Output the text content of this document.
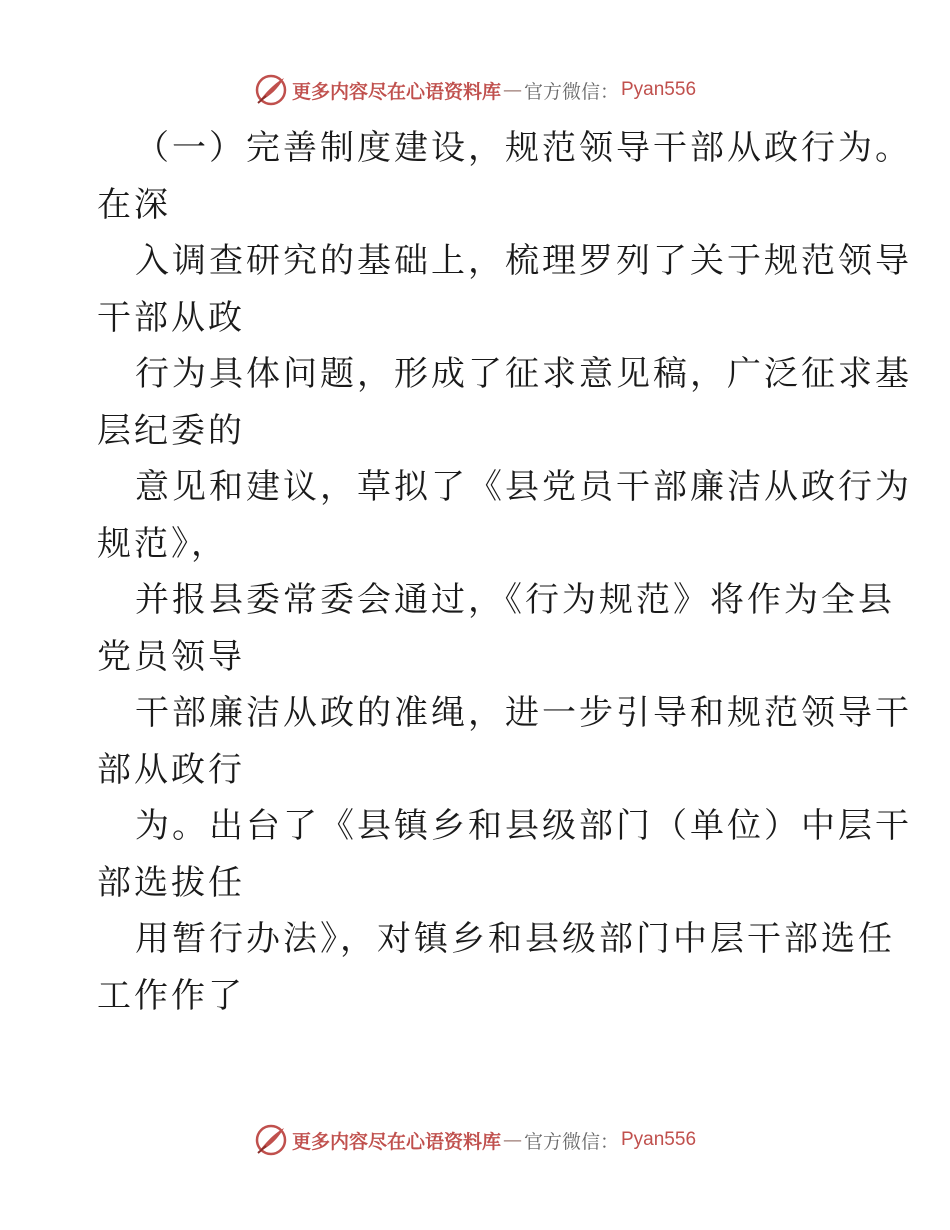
更多内容尽在心语资料库 — 官方微信： Pyan556
（一）完善制度建设，规范领导干部从政行为。
在深
入调查研究的基础上，梳理罗列了关于规范领导
干部从政
行为具体问题，形成了征求意见稿，广泛征求基
层纪委的
意见和建议，草拟了《县党员干部廉洁从政行为
规范》，
并报县委常委会通过，《行为规范》将作为全县
党员领导
干部廉洁从政的准绳，进一步引导和规范领导干
部从政行
为。出台了《县镇乡和县级部门（单位）中层干
部选拔任
用暂行办法》，对镇乡和县级部门中层干部选任
工作作了
更多内容尽在心语资料库 — 官方微信： Pyan556
